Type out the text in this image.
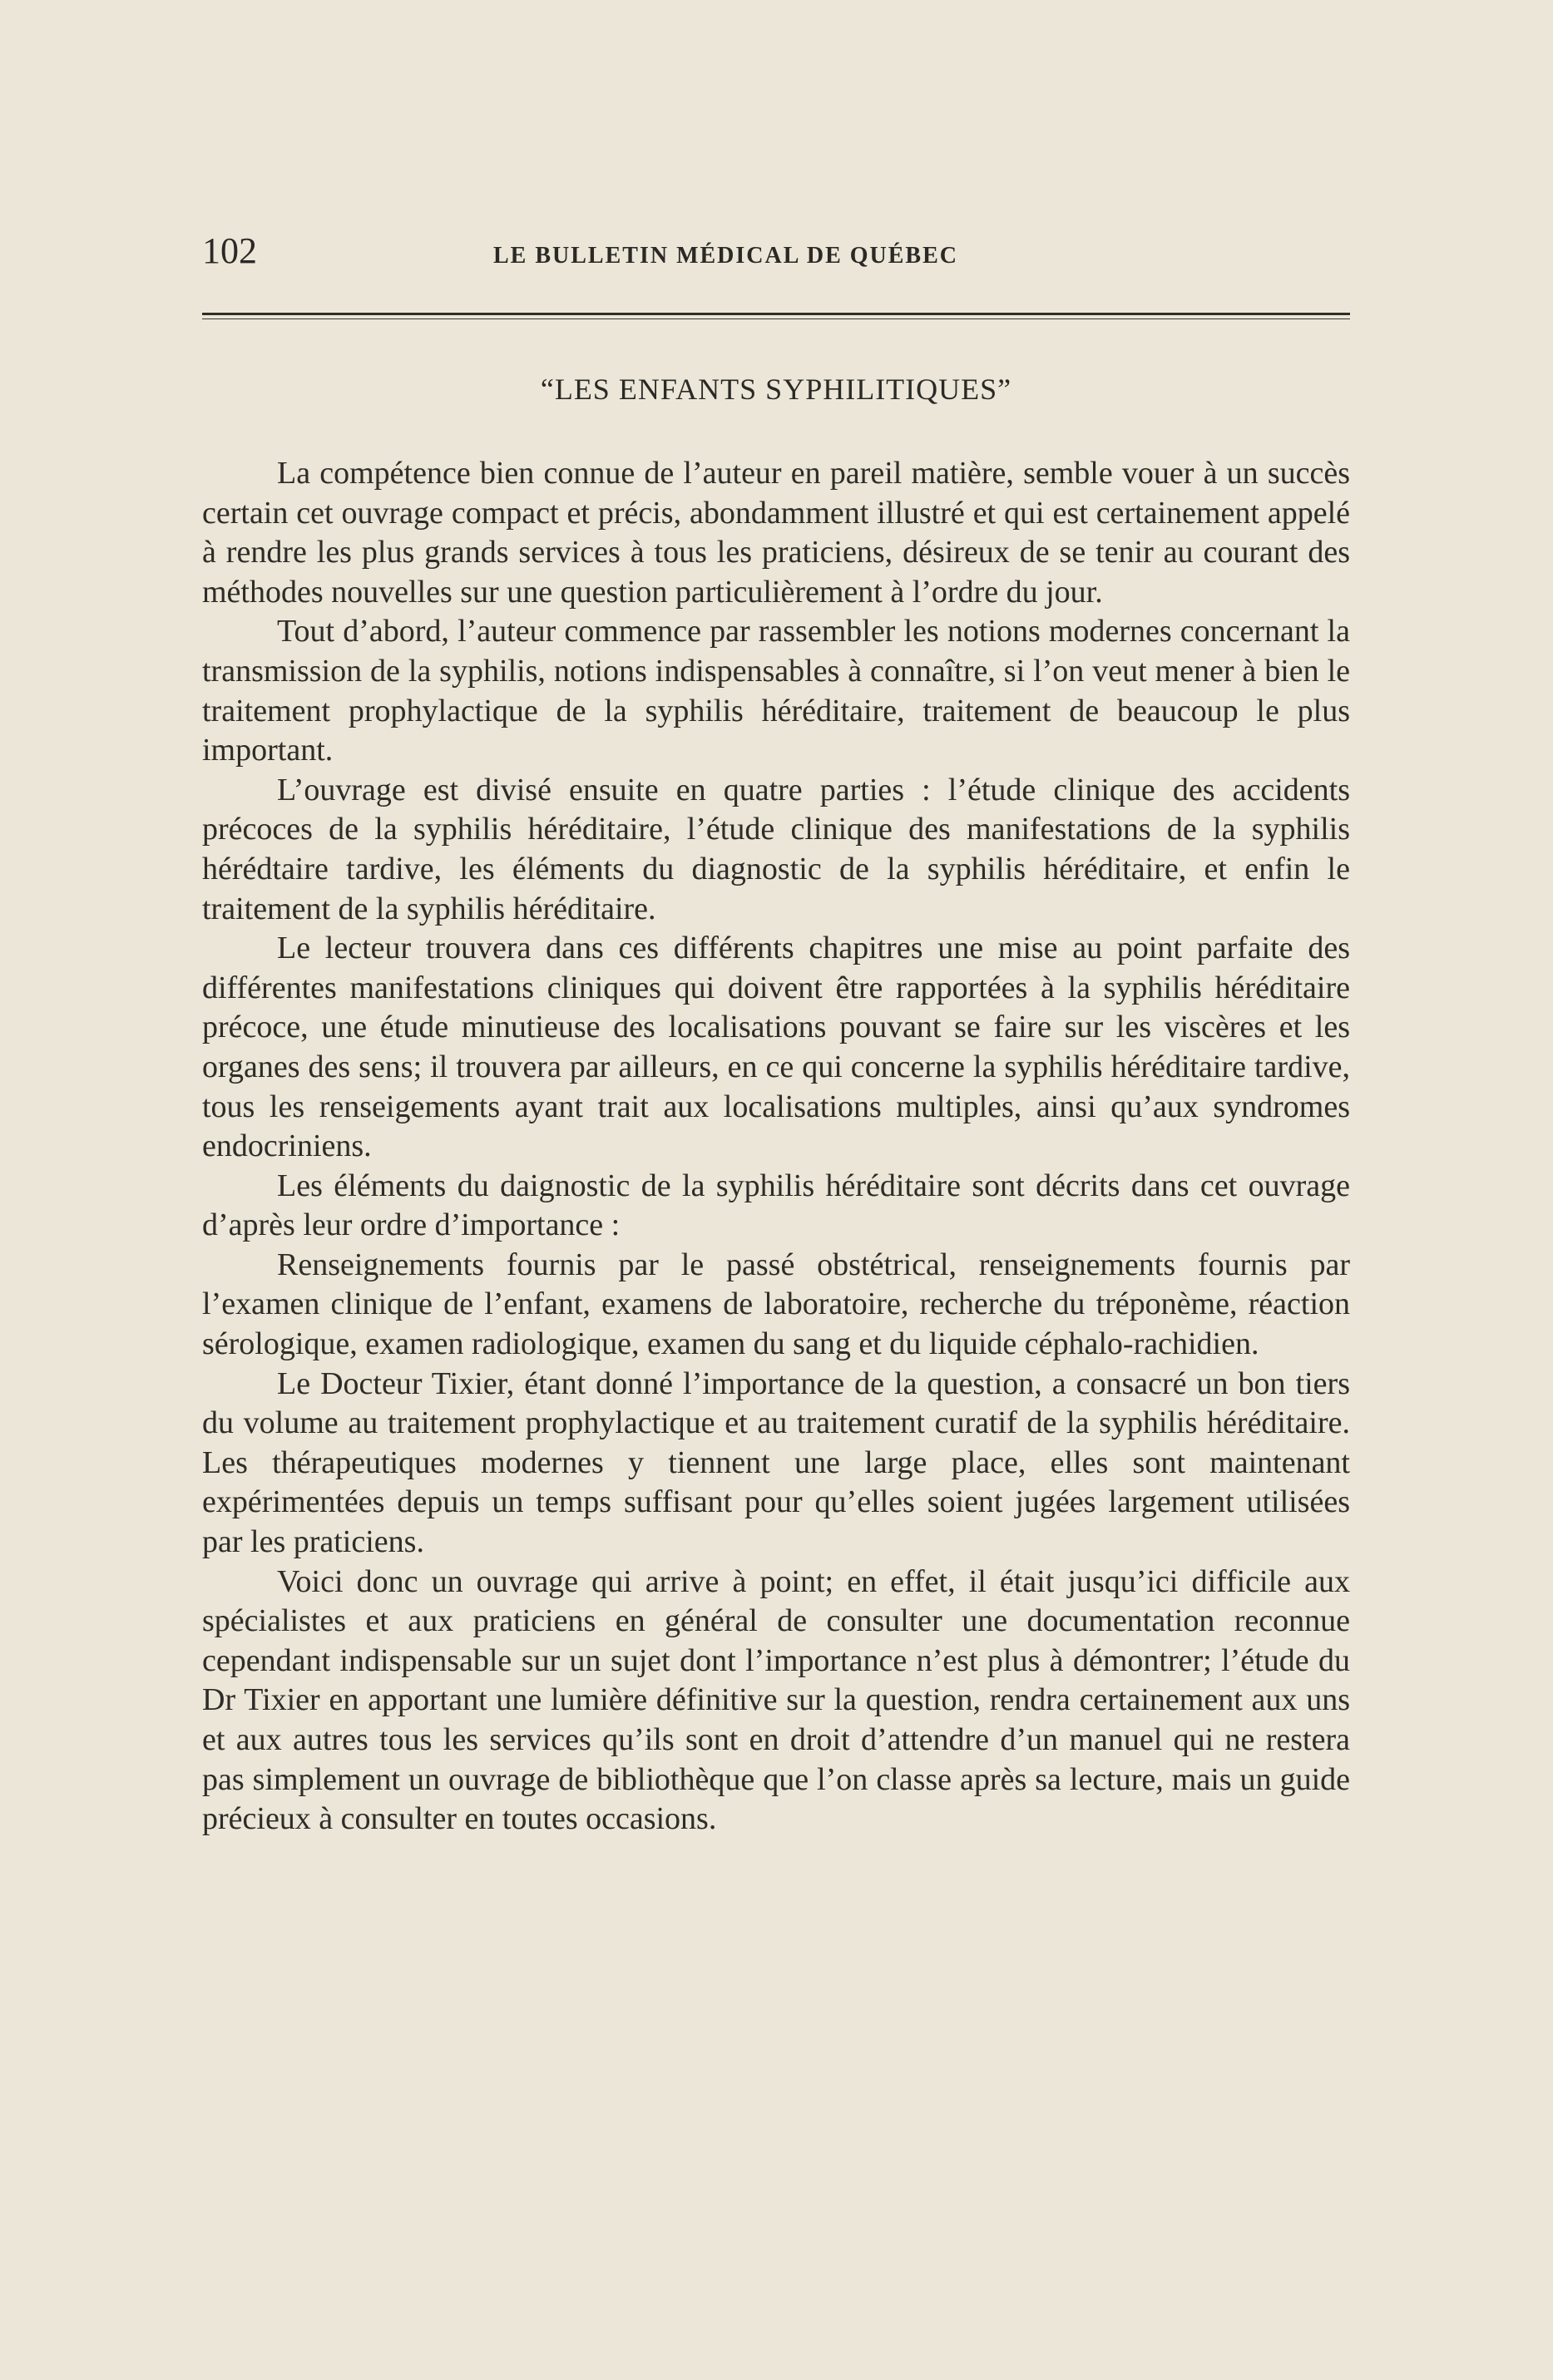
102	LE BULLETIN MÉDICAL DE QUÉBEC
“LES ENFANTS SYPHILITIQUES”

La compétence bien connue de l’auteur en pareil matière, semble vouer à un succès certain cet ouvrage compact et précis, abondamment illustré et qui est certainement appelé à rendre les plus grands services à tous les praticiens, désireux de se tenir au courant des méthodes nouvelles sur une question particulièrement à l’ordre du jour.

Tout d’abord, l’auteur commence par rassembler les notions modernes concernant la transmission de la syphilis, notions indispensables à connaître, si l’on veut mener à bien le traitement prophylactique de la syphilis héréditaire, traitement de beaucoup le plus important.

L’ouvrage est divisé ensuite en quatre parties : l’étude clinique des accidents précoces de la syphilis héréditaire, l’étude clinique des manifestations de la syphilis hérédtaire tardive, les éléments du diagnostic de la syphilis héréditaire, et enfin le traitement de la syphilis héréditaire.

Le lecteur trouvera dans ces différents chapitres une mise au point parfaite des différentes manifestations cliniques qui doivent être rapportées à la syphilis héréditaire précoce, une étude minutieuse des localisations pouvant se faire sur les viscères et les organes des sens; il trouvera par ailleurs, en ce qui concerne la syphilis héréditaire tardive, tous les renseigements ayant trait aux localisations multiples, ainsi qu’aux syndromes endocriniens.

Les éléments du daignostic de la syphilis héréditaire sont décrits dans cet ouvrage d’après leur ordre d’importance :

Renseignements fournis par le passé obstétrical, renseignements fournis par l’examen clinique de l’enfant, examens de laboratoire, recherche du tréponème, réaction sérologique, examen radiologique, examen du sang et du liquide céphalo-rachidien.

Le Docteur Tixier, étant donné l’importance de la question, a consacré un bon tiers du volume au traitement prophylactique et au traitement curatif de la syphilis héréditaire. Les thérapeutiques modernes y tiennent une large place, elles sont maintenant expérimentées depuis un temps suffisant pour qu’elles soient jugées largement utilisées par les praticiens.

Voici donc un ouvrage qui arrive à point; en effet, il était jusqu’ici difficile aux spécialistes et aux praticiens en général de consulter une documentation reconnue cependant indispensable sur un sujet dont l’importance n’est plus à démontrer; l’étude du Dr Tixier en apportant une lumière définitive sur la question, rendra certainement aux uns et aux autres tous les services qu’ils sont en droit d’attendre d’un manuel qui ne restera pas simplement un ouvrage de bibliothèque que l’on classe après sa lecture, mais un guide précieux à consulter en toutes occasions.
